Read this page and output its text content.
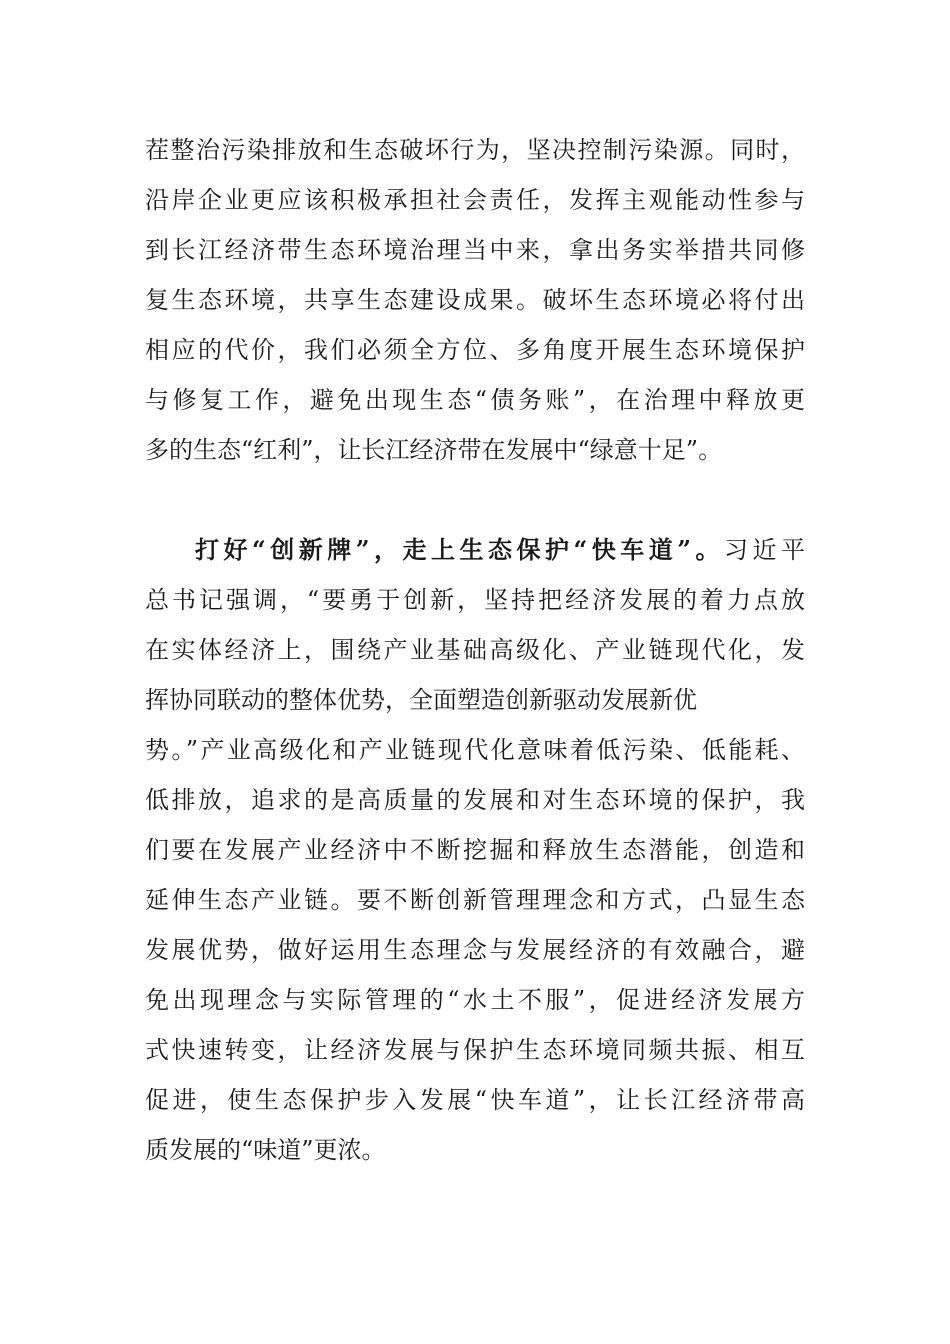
茬整治污染排放和生态破坏行为，坚决控制污染源。同时，
沿岸企业更应该积极承担社会责任，发挥主观能动性参与
到长江经济带生态环境治理当中来，拿出务实举措共同修
复生态环境，共享生态建设成果。破坏生态环境必将付出
相应的代价，我们必须全方位、多角度开展生态环境保护
与修复工作，避免出现生态“债务账”，在治理中释放更
多的生态“红利”，让长江经济带在发展中“绿意十足”。
打好“创新牌”，走上生态保护“快车道”。习近平
总书记强调，“要勇于创新，坚持把经济发展的着力点放
在实体经济上，围绕产业基础高级化、产业链现代化，发
挥协同联动的整体优势，全面塑造创新驱动发展新优
势。”产业高级化和产业链现代化意味着低污染、低能耗、
低排放，追求的是高质量的发展和对生态环境的保护，我
们要在发展产业经济中不断挖掘和释放生态潜能，创造和
延伸生态产业链。要不断创新管理理念和方式，凸显生态
发展优势，做好运用生态理念与发展经济的有效融合，避
免出现理念与实际管理的“水土不服”，促进经济发展方
式快速转变，让经济发展与保护生态环境同频共振、相互
促进，使生态保护步入发展“快车道”，让长江经济带高
质发展的“味道”更浓。
